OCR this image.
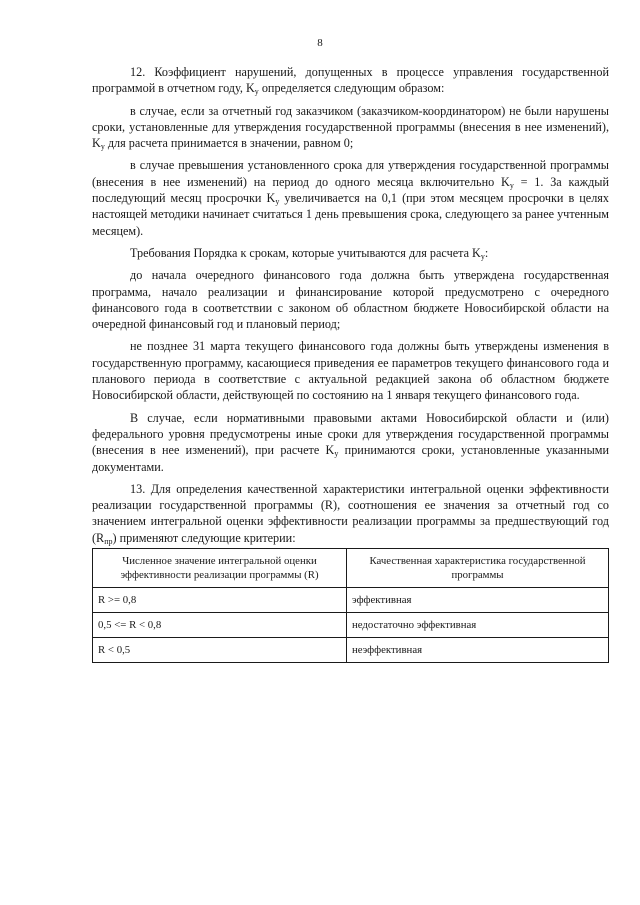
8

12. Коэффициент нарушений, допущенных в процессе управления государственной программой в отчетном году, $K_y$ определяется следующим образом:

в случае, если за отчетный год заказчиком (заказчиком-координатором) не были нарушены сроки, установленные для утверждения государственной программы (внесения в нее изменений), $K_y$ для расчета принимается в значении, равном 0;

в случае превышения установленного срока для утверждения государственной программы (внесения в нее изменений) на период до одного месяца включительно $K_y = 1$. За каждый последующий месяц просрочки $K_y$ увеличивается на 0,1 (при этом месяцем просрочки в целях настоящей методики начинает считаться 1 день превышения срока, следующего за ранее учтенным месяцем).

Требования Порядка к срокам, которые учитываются для расчета $K_y$:

до начала очередного финансового года должна быть утверждена государственная программа, начало реализации и финансирование которой предусмотрено с очередного финансового года в соответствии с законом об областном бюджете Новосибирской области на очередной финансовый год и плановый период;

не позднее 31 марта текущего финансового года должны быть утверждены изменения в государственную программу, касающиеся приведения ее параметров текущего финансового года и планового периода в соответствие с актуальной редакцией закона об областном бюджете Новосибирской области, действующей по состоянию на 1 января текущего финансового года.

В случае, если нормативными правовыми актами Новосибирской области и (или) федерального уровня предусмотрены иные сроки для утверждения государственной программы (внесения в нее изменений), при расчете $K_y$ принимаются сроки, установленные указанными документами.

13. Для определения качественной характеристики интегральной оценки эффективности реализации государственной программы (R), соотношения ее значения за отчетный год со значением интегральной оценки эффективности реализации программы за предшествующий год $(R_{пр})$ применяют следующие критерии:

Численное значение интегральной оценки эффективности реализации программы (R)	Качественная характеристика государственной программы
R >= 0,8	эффективная
0,5 <= R < 0,8	недостаточно эффективная
R < 0,5	неэффективная
